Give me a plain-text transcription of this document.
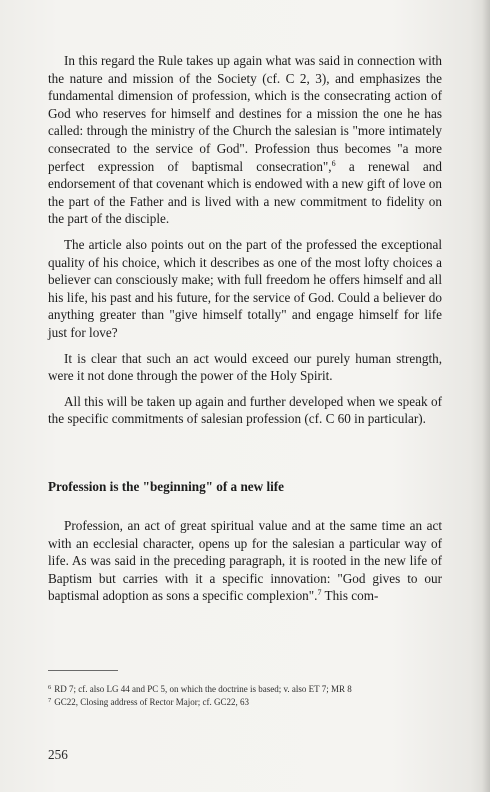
In this regard the Rule takes up again what was said in connection with the nature and mission of the Society (cf. C 2, 3), and emphasizes the fundamental dimension of profession, which is the consecrating action of God who reserves for himself and destines for a mission the one he has called: through the ministry of the Church the salesian is "more intimately consecrated to the service of God". Profession thus becomes "a more perfect expression of baptismal consecration",$^6$ a renewal and endorsement of that covenant which is endowed with a new gift of love on the part of the Father and is lived with a new commitment to fidelity on the part of the disciple.

The article also points out on the part of the professed the exceptional quality of his choice, which it describes as one of the most lofty choices a believer can consciously make; with full freedom he offers himself and all his life, his past and his future, for the service of God. Could a believer do anything greater than "give himself totally" and engage himself for life just for love?

It is clear that such an act would exceed our purely human strength, were it not done through the power of the Holy Spirit.

All this will be taken up again and further developed when we speak of the specific commitments of salesian profession (cf. C 60 in particular).

Profession is the "beginning" of a new life

Profession, an act of great spiritual value and at the same time an act with an ecclesial character, opens up for the salesian a particular way of life. As was said in the preceding paragraph, it is rooted in the new life of Baptism but carries with it a specific innovation: "God gives to our baptismal adoption as sons a specific complexion".$^7$ This com-

$^6$ RD 7; cf. also LG 44 and PC 5, on which the doctrine is based; v. also ET 7; MR 8
$^7$ GC22, Closing address of Rector Major; cf. GC22, 63
256
